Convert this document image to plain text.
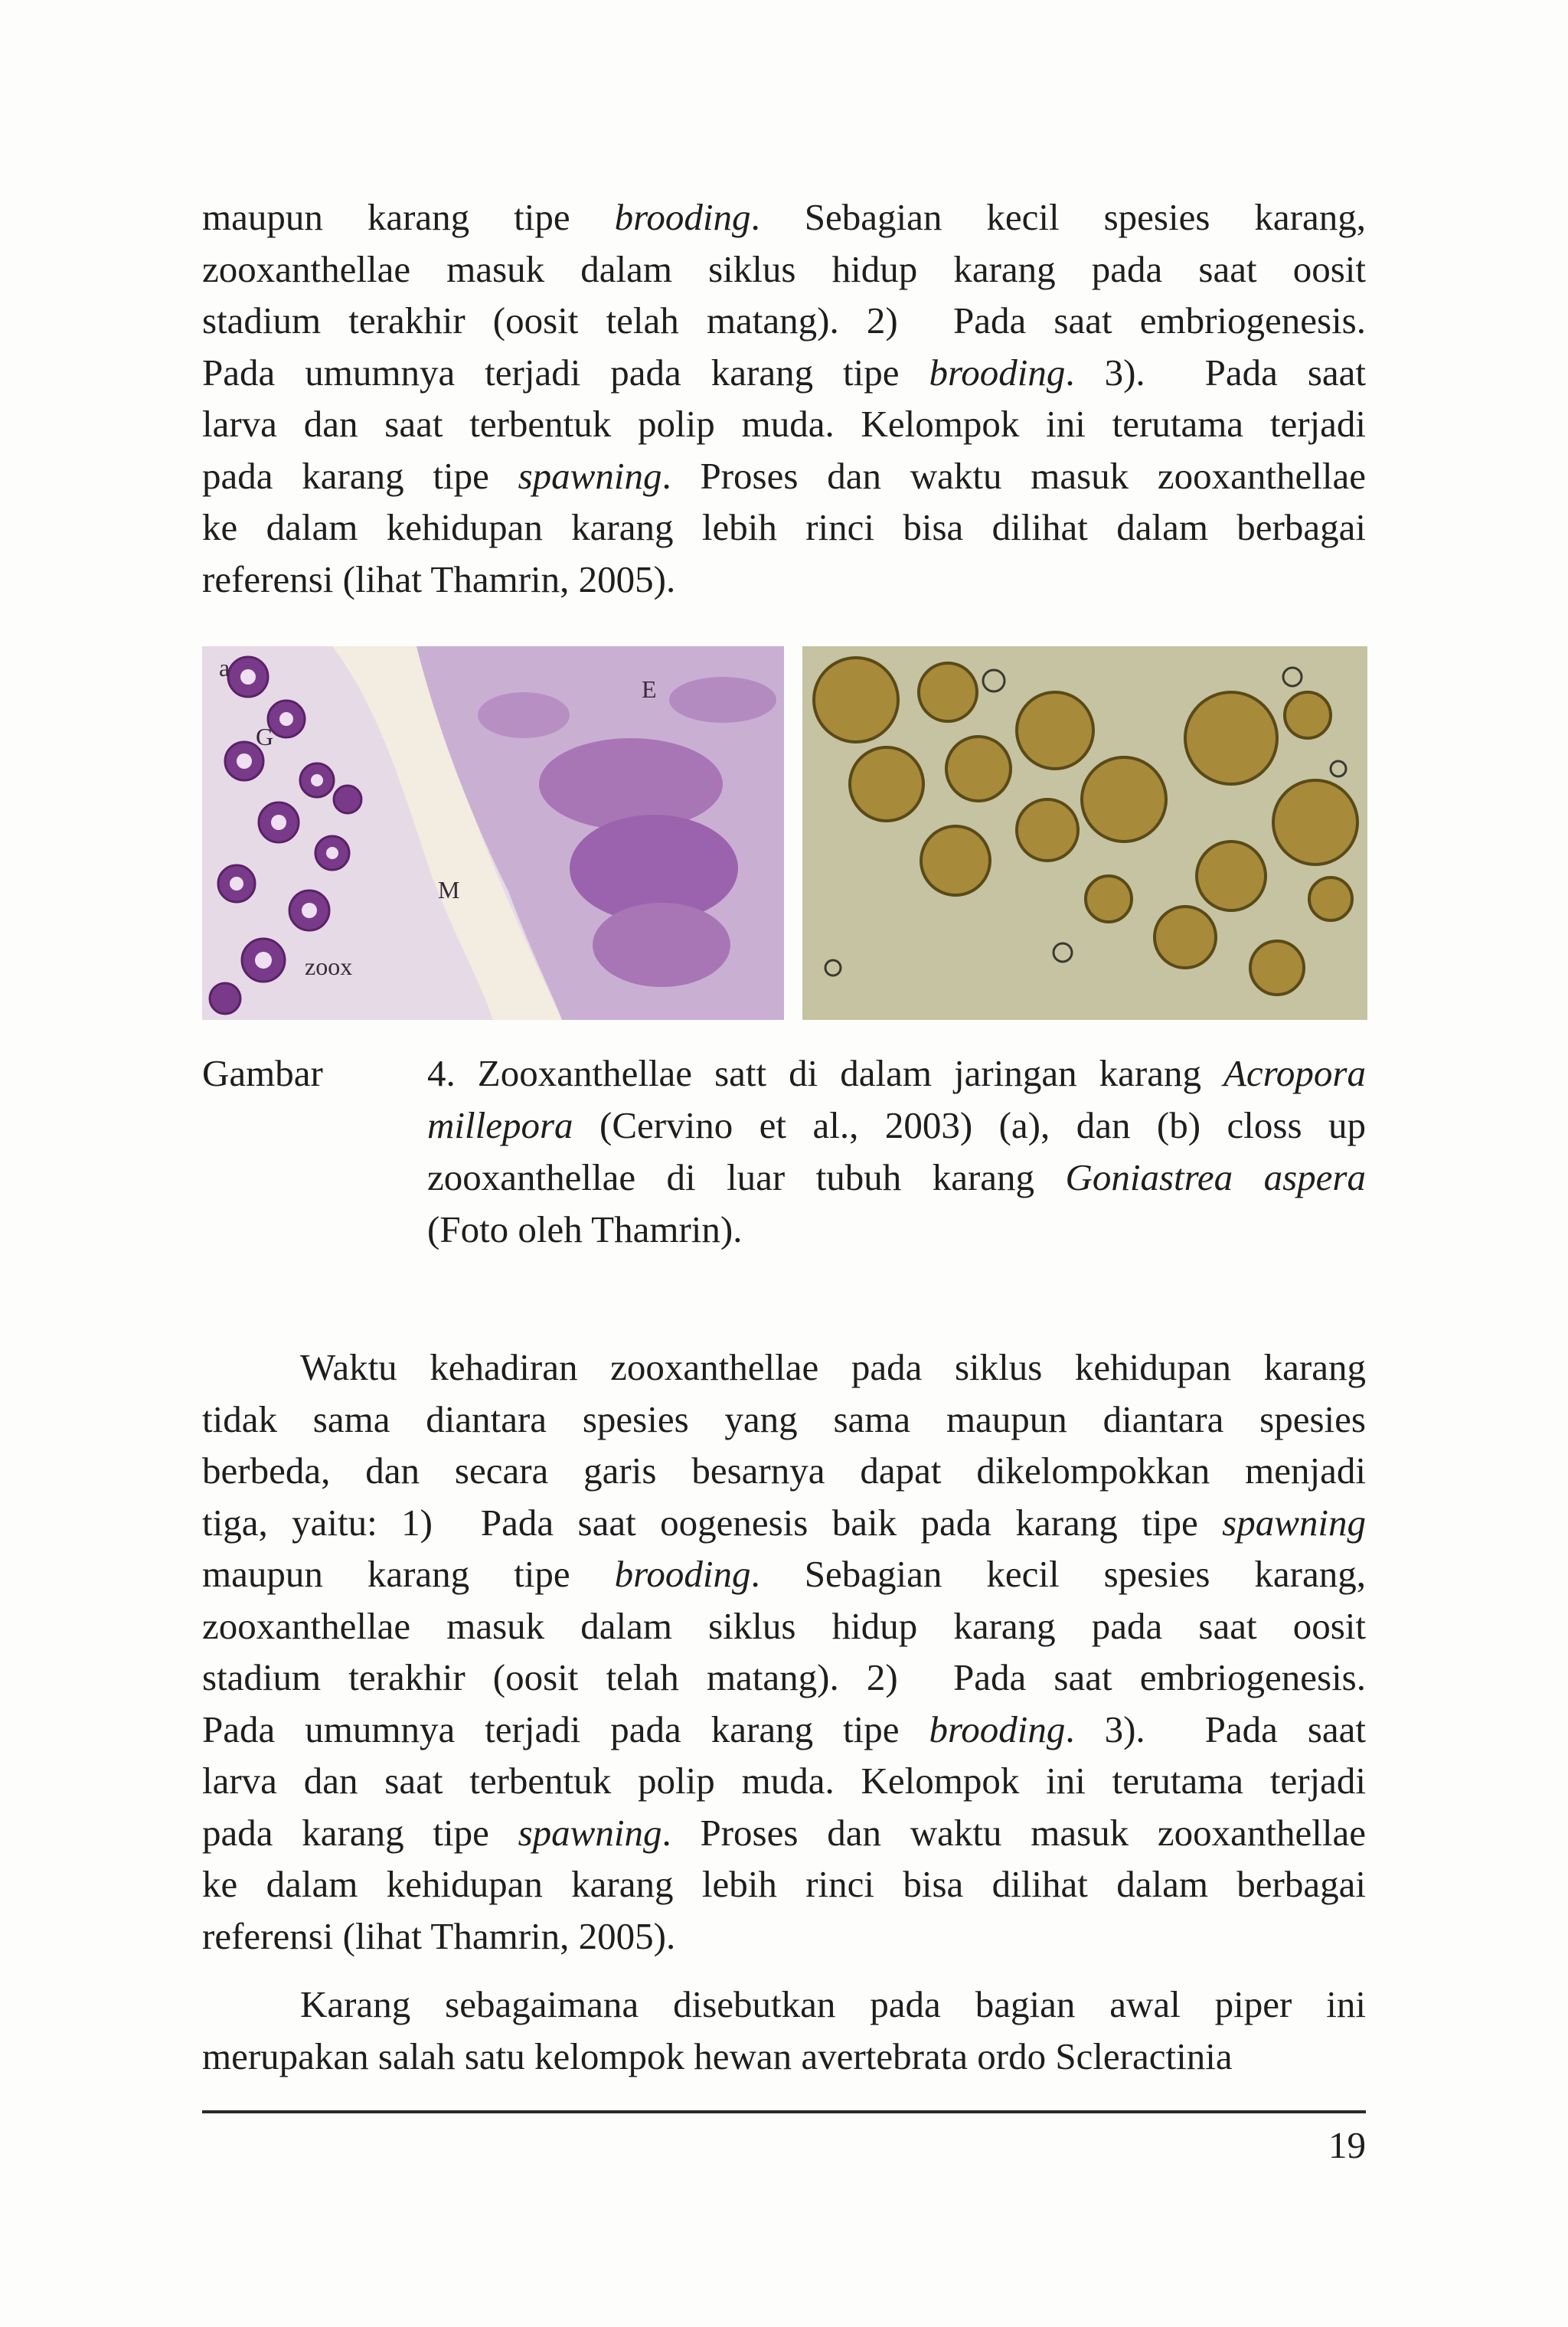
maupun karang tipe brooding. Sebagian kecil spesies karang,
zooxanthellae masuk dalam siklus hidup karang pada saat oosit
stadium terakhir (oosit telah matang). 2)  Pada saat embriogenesis.
Pada umumnya terjadi pada karang tipe brooding. 3).  Pada saat
larva dan saat terbentuk polip muda. Kelompok ini terutama terjadi
pada karang tipe spawning. Proses dan waktu masuk zooxanthellae
ke dalam kehidupan karang lebih rinci bisa dilihat dalam berbagai
referensi (lihat Thamrin, 2005).
a
E
G
M
zoox
Gambar	4. Zooxanthellae satt di dalam jaringan karang Acropora
millepora (Cervino et al., 2003) (a), dan (b) closs up
zooxanthellae di luar tubuh karang Goniastrea aspera
(Foto oleh Thamrin).
Waktu kehadiran zooxanthellae pada siklus kehidupan karang
tidak sama diantara spesies yang sama maupun diantara spesies
berbeda, dan secara garis besarnya dapat dikelompokkan menjadi
tiga, yaitu: 1)  Pada saat oogenesis baik pada karang tipe spawning
maupun karang tipe brooding. Sebagian kecil spesies karang,
zooxanthellae masuk dalam siklus hidup karang pada saat oosit
stadium terakhir (oosit telah matang). 2)  Pada saat embriogenesis.
Pada umumnya terjadi pada karang tipe brooding. 3).  Pada saat
larva dan saat terbentuk polip muda. Kelompok ini terutama terjadi
pada karang tipe spawning. Proses dan waktu masuk zooxanthellae
ke dalam kehidupan karang lebih rinci bisa dilihat dalam berbagai
referensi (lihat Thamrin, 2005).
Karang sebagaimana disebutkan pada bagian awal piper ini
merupakan salah satu kelompok hewan avertebrata ordo Scleractinia
19
